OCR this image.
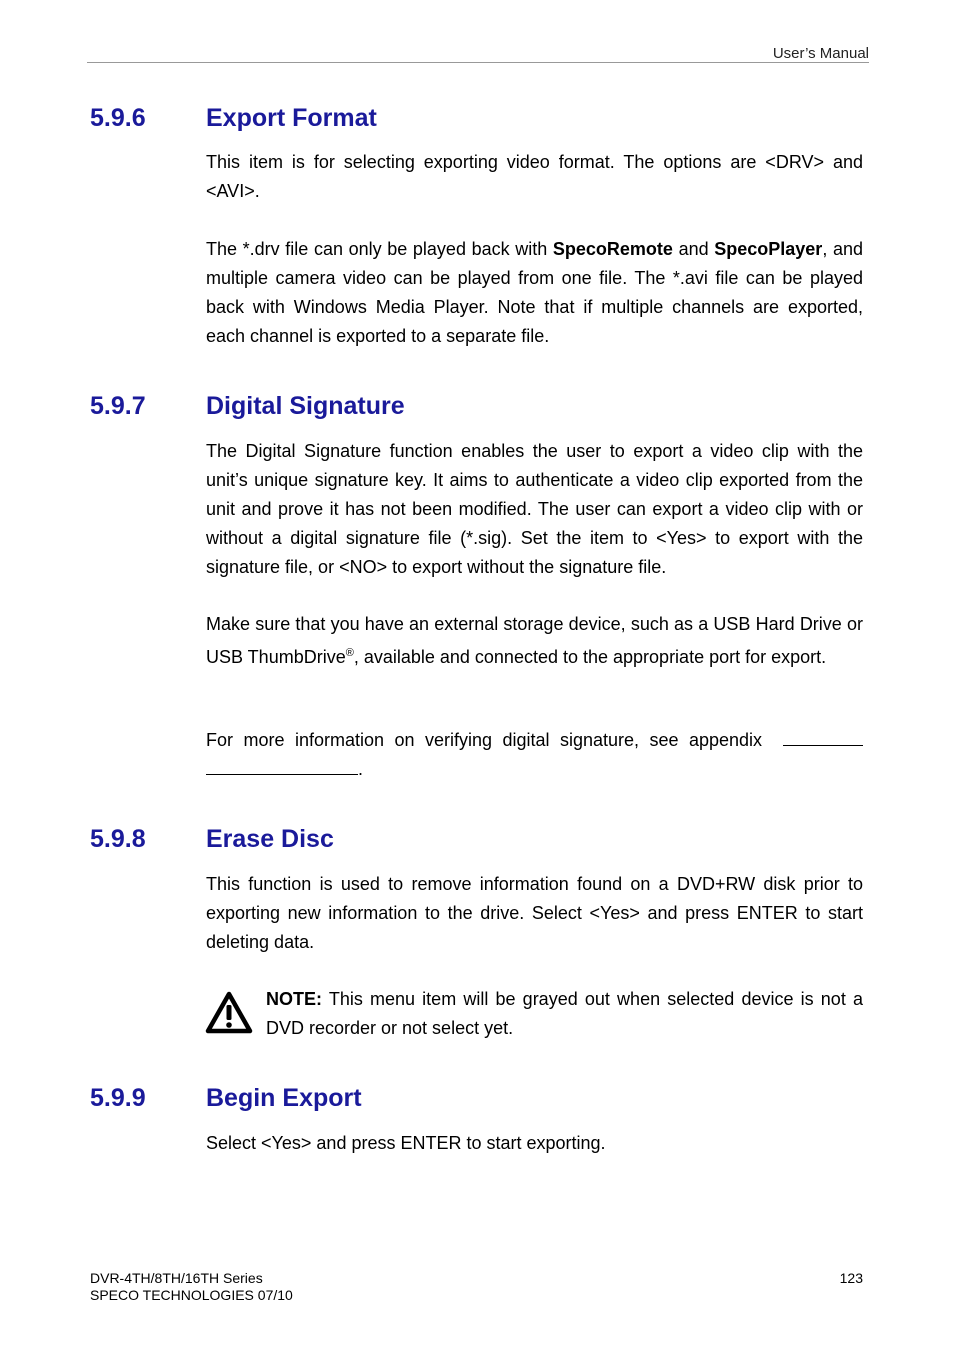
User’s Manual
5.9.6 Export Format

This item is for selecting exporting video format. The options are <DRV> and <AVI>.

The *.drv file can only be played back with SpecoRemote and SpecoPlayer, and multiple camera video can be played from one file. The *.avi file can be played back with Windows Media Player. Note that if multiple channels are exported, each channel is exported to a separate file.

5.9.7 Digital Signature

The Digital Signature function enables the user to export a video clip with the unit’s unique signature key. It aims to authenticate a video clip exported from the unit and prove it has not been modified. The user can export a video clip with or without a digital signature file (*.sig). Set the item to <Yes> to export with the signature file, or <NO> to export without the signature file.

Make sure that you have an external storage device, such as a USB Hard Drive or USB ThumbDrive®, available and connected to the appropriate port for export.

For more information on verifying digital signature, see appendix

.
5.9.8 Erase Disc

This function is used to remove information found on a DVD+RW disk prior to exporting new information to the drive. Select <Yes> and press ENTER to start deleting data.

NOTE: This menu item will be grayed out when selected device is not a DVD recorder or not select yet.

5.9.9 Begin Export

Select <Yes> and press ENTER to start exporting.

DVR-4TH/8TH/16TH Series
SPECO TECHNOLOGIES 07/10
123
